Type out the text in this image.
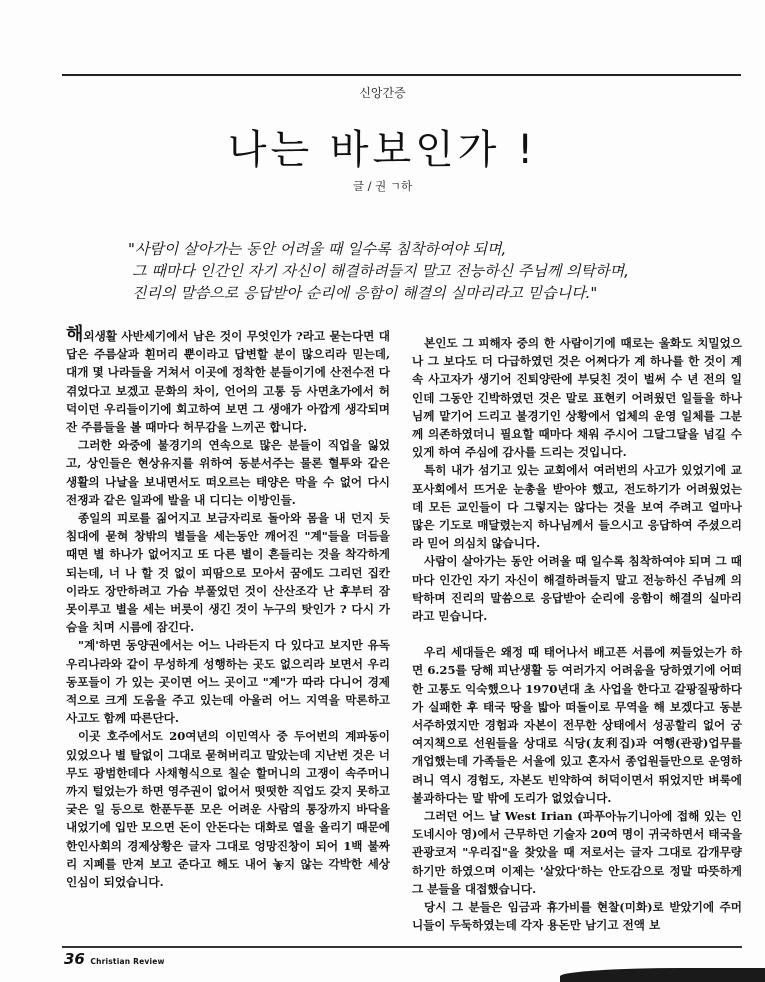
신앙간증
나는 바보인가 !
글 / 권 ㄱ하
"사람이 살아가는 동안 어려울 때 일수록 침착하여야 되며,
그 때마다 인간인 자기 자신이 해결하려들지 말고 전능하신 주님께 의탁하며,
진리의 말씀으로 응답받아 순리에 응함이 해결의 실마리라고 믿습니다."

해외생활 사반세기에서 남은 것이 무엇인가 ?라고 묻는다면 대답은 주름살과 흰머리 뿐이라고 답변할 분이 많으리라 믿는데, 대개 몇 나라들을 거쳐서 이곳에 정착한 분들이기에 산전수전 다 겪었다고 보겠고 문화의 차이, 언어의 고통 등 사면초가에서 허덕이던 우리들이기에 회고하여 보면 그 생애가 아깝게 생각되며 잔 주름들을 볼 때마다 허무감을 느끼곤 합니다.

그러한 와중에 불경기의 연속으로 많은 분들이 직업을 잃었고, 상인들은 현상유지를 위하여 동분서주는 물론 혈투와 같은 생활의 나날을 보내면서도 떠오르는 태양은 막을 수 없어 다시 전쟁과 같은 일과에 발을 내 디디는 이방인들.

종일의 피로를 짊어지고 보금자리로 돌아와 몸을 내 던지 듯 침대에 묻혀 창밖의 별들을 세는동안 깨어진 "계"들을 더듬을 때면 별 하나가 없어지고 또 다른 별이 흔들리는 것을 착각하게 되는데, 너 나 할 것 없이 피땀으로 모아서 꿈에도 그리던 집칸이라도 장만하려고 가슴 부풀었던 것이 산산조각 난 후부터 잠 못이루고 별을 세는 버릇이 생긴 것이 누구의 탓인가 ? 다시 가슴을 치며 시름에 잠긴다.

"계'하면 동양권에서는 어느 나라든지 다 있다고 보지만 유독 우리나라와 같이 무성하게 성행하는 곳도 없으리라 보면서 우리 동포들이 가 있는 곳이면 어느 곳이고 "계"가 따라 다니어 경제적으로 크게 도움을 주고 있는데 아울러 어느 지역을 막론하고 사고도 함께 따른단다.

이곳 호주에서도 20여년의 이민역사 중 두어번의 계파동이 있었으나 별 탈없이 그대로 묻혀버리고 말았는데 지난번 것은 너무도 광범한데다 사채형식으로 칠순 할머니의 고쟁이 속주머니까지 털었는가 하면 영주권이 없어서 떳떳한 직업도 갖지 못하고 궂은 일 등으로 한푼두푼 모은 어려운 사람의 통장까지 바닥을 내었기에 입만 모으면 돈이 안돈다는 대화로 열을 올리기 때문에 한인사회의 경제상황은 글자 그대로 엉망진창이 되어 1백 불짜리 지폐를 만져 보고 준다고 해도 내어 놓지 않는 각박한 세상 인심이 되었습니다.

본인도 그 피해자 중의 한 사람이기에 때로는 울화도 치밀었으나 그 보다도 더 다급하였던 것은 어쩌다가 계 하나를 한 것이 계속 사고자가 생기어 진퇴양란에 부딪친 것이 벌써 수 년 전의 일인데 그동안 긴박하였던 것은 말로 표현키 어려웠던 일들을 하나님께 맡기어 드리고 불경기인 상황에서 업체의 운영 일체를 그분께 의존하였더니 필요할 때마다 채워 주시어 그달그달을 넘길 수 있게 하여 주심에 감사를 드리는 것입니다.

특히 내가 섬기고 있는 교회에서 여러번의 사고가 있었기에 교포사회에서 뜨거운 눈총을 받아야 했고, 전도하기가 어려웠었는데 모든 교인들이 다 그렇지는 않다는 것을 보여 주려고 얼마나 많은 기도로 매달렸는지 하나님께서 들으시고 응답하여 주셨으리라 믿어 의심치 않습니다.

사람이 살아가는 동안 어려울 때 일수록 침착하여야 되며 그 때마다 인간인 자기 자신이 해결하려들지 말고 전능하신 주님께 의탁하며 진리의 말씀으로 응답받아 순리에 응함이 해결의 실마리라고 믿습니다.

우리 세대들은 왜정 때 태어나서 배고픈 서름에 찌들었는가 하면 6.25를 당해 피난생활 등 여러가지 어려움을 당하였기에 어떠한 고통도 익숙했으나 1970년대 초 사업을 한다고 갈팡질팡하다가 실패한 후 태국 땅을 밟아 떠돌이로 무역을 해 보겠다고 동분서주하였지만 경험과 자본이 전무한 상태에서 성공할리 없어 궁여지책으로 선원들을 상대로 식당(友利집)과 여행(관광)업무를 개업했는데 가족들은 서울에 있고 혼자서 종업원들만으로 운영하려니 역시 경험도, 자본도 빈약하여 허덕이면서 뛰었지만 벼룩에 불과하다는 말 밖에 도리가 없었습니다.

그러던 어느 날 West Irian (파푸아뉴기니아에 접해 있는 인도네시아 영)에서 근무하던 기술자 20여 명이 귀국하면서 태국을 관광코저 "우리집"을 찾았을 때 저로서는 글자 그대로 감개무량하기만 하였으며 이제는 '살았다'하는 안도감으로 정말 따뜻하게 그 분들을 대접했습니다.

당시 그 분들은 임금과 휴가비를 현찰(미화)로 받았기에 주머니들이 두둑하였는데 각자 용돈만 남기고 전액 보

36 Christian Review
